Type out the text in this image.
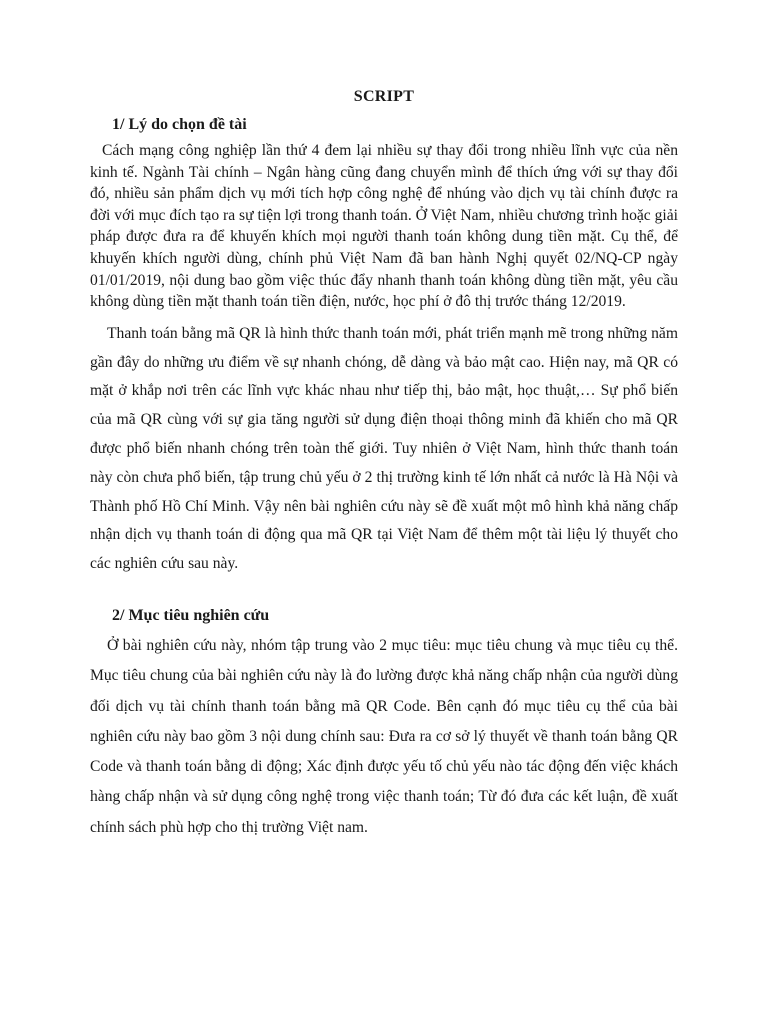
SCRIPT
1/ Lý do chọn đề tài

Cách mạng công nghiệp lần thứ 4 đem lại nhiều sự thay đổi trong nhiều lĩnh vực của nền kinh tế. Ngành Tài chính – Ngân hàng cũng đang chuyển mình để thích ứng với sự thay đổi đó, nhiều sản phẩm dịch vụ mới tích hợp công nghệ để nhúng vào dịch vụ tài chính được ra đời với mục đích tạo ra sự tiện lợi trong thanh toán. Ở Việt Nam, nhiều chương trình hoặc giải pháp được đưa ra để khuyến khích mọi người thanh toán không dung tiền mặt. Cụ thể, để khuyến khích người dùng, chính phủ Việt Nam đã ban hành Nghị quyết 02/NQ-CP ngày 01/01/2019, nội dung bao gồm việc thúc đẩy nhanh thanh toán không dùng tiền mặt, yêu cầu không dùng tiền mặt thanh toán tiền điện, nước, học phí ở đô thị trước tháng 12/2019.

Thanh toán bằng mã QR là hình thức thanh toán mới, phát triển mạnh mẽ trong những năm gần đây do những ưu điểm về sự nhanh chóng, dễ dàng và bảo mật cao. Hiện nay, mã QR có mặt ở khắp nơi trên các lĩnh vực khác nhau như tiếp thị, bảo mật, học thuật,… Sự phổ biến của mã QR cùng với sự gia tăng người sử dụng điện thoại thông minh đã khiến cho mã QR được phổ biến nhanh chóng trên toàn thế giới. Tuy nhiên ở Việt Nam, hình thức thanh toán này còn chưa phổ biến, tập trung chủ yếu ở 2 thị trường kinh tế lớn nhất cả nước là Hà Nội và Thành phố Hồ Chí Minh. Vậy nên bài nghiên cứu này sẽ đề xuất một mô hình khả năng chấp nhận dịch vụ thanh toán di động qua mã QR tại Việt Nam để thêm một tài liệu lý thuyết cho các nghiên cứu sau này.

2/ Mục tiêu nghiên cứu

Ở bài nghiên cứu này, nhóm tập trung vào 2 mục tiêu: mục tiêu chung và mục tiêu cụ thể. Mục tiêu chung của bài nghiên cứu này là đo lường được khả năng chấp nhận của người dùng đối dịch vụ tài chính thanh toán bằng mã QR Code. Bên cạnh đó mục tiêu cụ thể của bài nghiên cứu này bao gồm 3 nội dung chính sau: Đưa ra cơ sở lý thuyết về thanh toán bằng QR Code và thanh toán bằng di động; Xác định được yếu tố chủ yếu nào tác động đến việc khách hàng chấp nhận và sử dụng công nghệ trong việc thanh toán; Từ đó đưa các kết luận, đề xuất chính sách phù hợp cho thị trường Việt nam.
